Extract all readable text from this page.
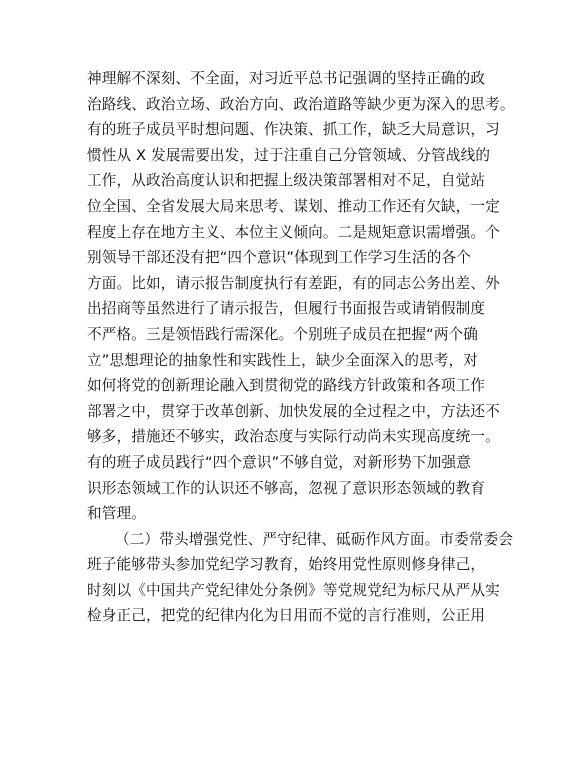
神理解不深刻、不全面，对习近平总书记强调的坚持正确的政
治路线、政治立场、政治方向、政治道路等缺少更为深入的思考。
有的班子成员平时想问题、作决策、抓工作，缺乏大局意识，习
惯性从 X 发展需要出发，过于注重自己分管领域、分管战线的
工作，从政治高度认识和把握上级决策部署相对不足，自觉站
位全国、全省发展大局来思考、谋划、推动工作还有欠缺，一定
程度上存在地方主义、本位主义倾向。二是规矩意识需增强。个
别领导干部还没有把“四个意识”体现到工作学习生活的各个
方面。比如，请示报告制度执行有差距，有的同志公务出差、外
出招商等虽然进行了请示报告，但履行书面报告或请销假制度
不严格。三是领悟践行需深化。个别班子成员在把握“两个确
立”思想理论的抽象性和实践性上，缺少全面深入的思考，对
如何将党的创新理论融入到贯彻党的路线方针政策和各项工作
部署之中，贯穿于改革创新、加快发展的全过程之中，方法还不
够多，措施还不够实，政治态度与实际行动尚未实现高度统一。
有的班子成员践行“四个意识”不够自觉，对新形势下加强意
识形态领域工作的认识还不够高，忽视了意识形态领域的教育
和管理。
（二）带头增强党性、严守纪律、砥砺作风方面。市委常委会
班子能够带头参加党纪学习教育，始终用党性原则修身律己，
时刻以《中国共产党纪律处分条例》等党规党纪为标尺从严从实
检身正己，把党的纪律内化为日用而不觉的言行准则，公正用
